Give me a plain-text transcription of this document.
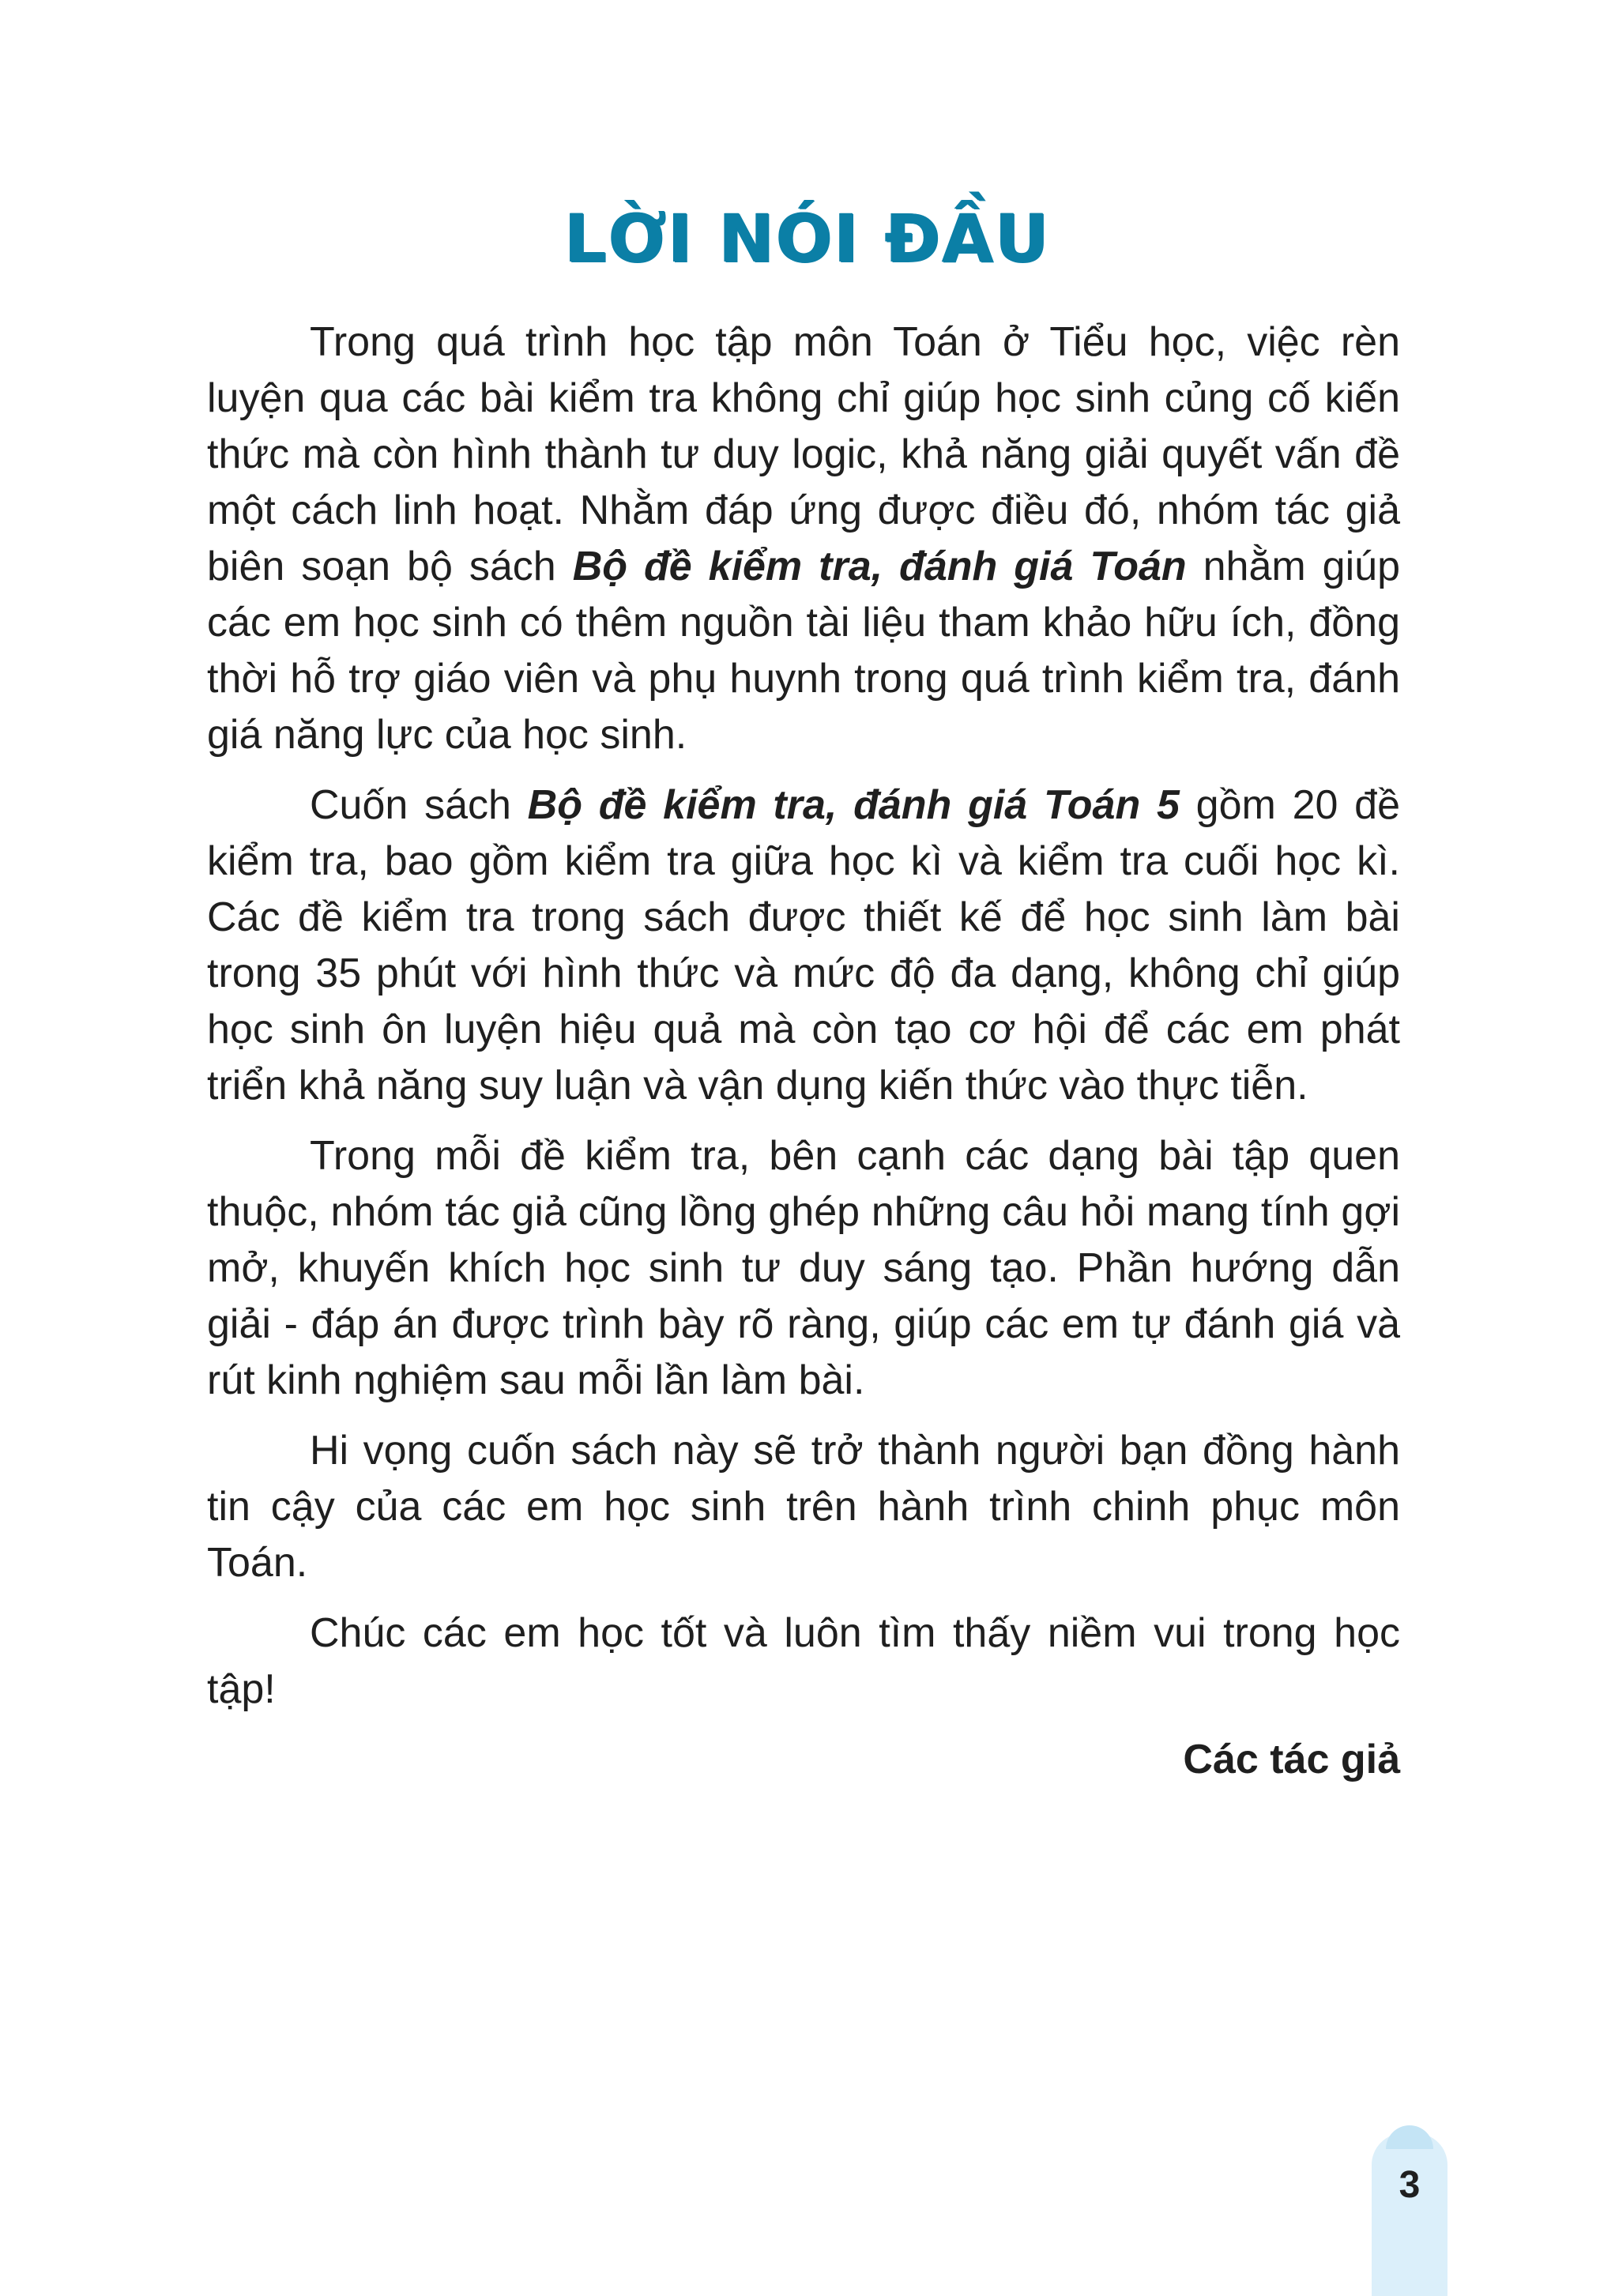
LỜI NÓI ĐẦU

Trong quá trình học tập môn Toán ở Tiểu học, việc rèn luyện qua các bài kiểm tra không chỉ giúp học sinh củng cố kiến thức mà còn hình thành tư duy logic, khả năng giải quyết vấn đề một cách linh hoạt. Nhằm đáp ứng được điều đó, nhóm tác giả biên soạn bộ sách Bộ đề kiểm tra, đánh giá Toán nhằm giúp các em học sinh có thêm nguồn tài liệu tham khảo hữu ích, đồng thời hỗ trợ giáo viên và phụ huynh trong quá trình kiểm tra, đánh giá năng lực của học sinh.

Cuốn sách Bộ đề kiểm tra, đánh giá Toán 5 gồm 20 đề kiểm tra, bao gồm kiểm tra giữa học kì và kiểm tra cuối học kì. Các đề kiểm tra trong sách được thiết kế để học sinh làm bài trong 35 phút với hình thức và mức độ đa dạng, không chỉ giúp học sinh ôn luyện hiệu quả mà còn tạo cơ hội để các em phát triển khả năng suy luận và vận dụng kiến thức vào thực tiễn.

Trong mỗi đề kiểm tra, bên cạnh các dạng bài tập quen thuộc, nhóm tác giả cũng lồng ghép những câu hỏi mang tính gợi mở, khuyến khích học sinh tư duy sáng tạo. Phần hướng dẫn giải - đáp án được trình bày rõ ràng, giúp các em tự đánh giá và rút kinh nghiệm sau mỗi lần làm bài.

Hi vọng cuốn sách này sẽ trở thành người bạn đồng hành tin cậy của các em học sinh trên hành trình chinh phục môn Toán.

Chúc các em học tốt và luôn tìm thấy niềm vui trong học tập!

Các tác giả
3
